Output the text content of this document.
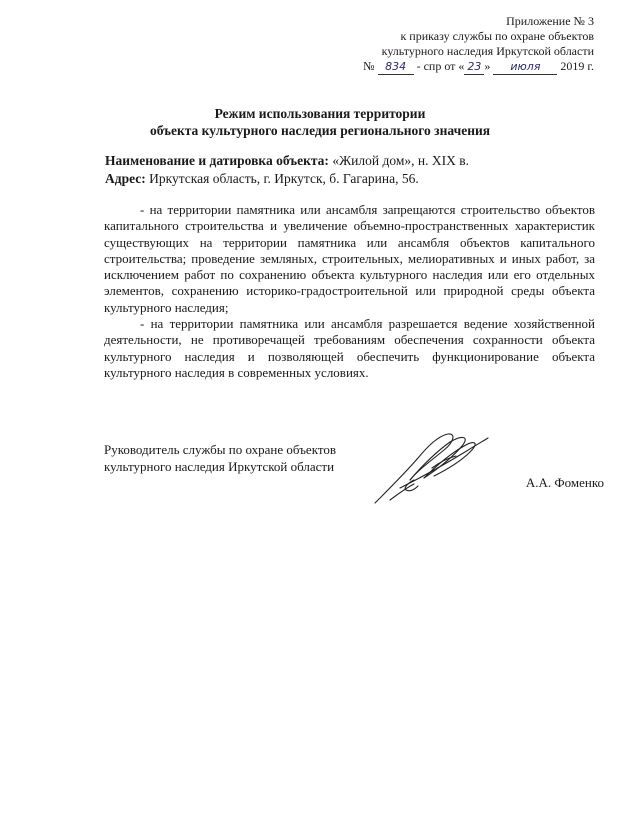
Приложение № 3
к приказу службы по охране объектов
культурного наследия Иркутской области
№ 834 - спр от « 23 » июля 2019 г.
Режим использования территории
объекта культурного наследия регионального значения
Наименование и датировка объекта: «Жилой дом», н. XIX в.
Адрес: Иркутская область, г. Иркутск, б. Гагарина, 56.

- на территории памятника или ансамбля запрещаются строительство объектов капитального строительства и увеличение объемно-пространственных характеристик существующих на территории памятника или ансамбля объектов капитального строительства; проведение земляных, строительных, мелиоративных и иных работ, за исключением работ по сохранению объекта культурного наследия или его отдельных элементов, сохранению историко-градостроительной или природной среды объекта культурного наследия;

- на территории памятника или ансамбля разрешается ведение хозяйственной деятельности, не противоречащей требованиям обеспечения сохранности объекта культурного наследия и позволяющей обеспечить функционирование объекта культурного наследия в современных условиях.

Руководитель службы по охране объектов культурного наследия Иркутской области
А.А. Фоменко
